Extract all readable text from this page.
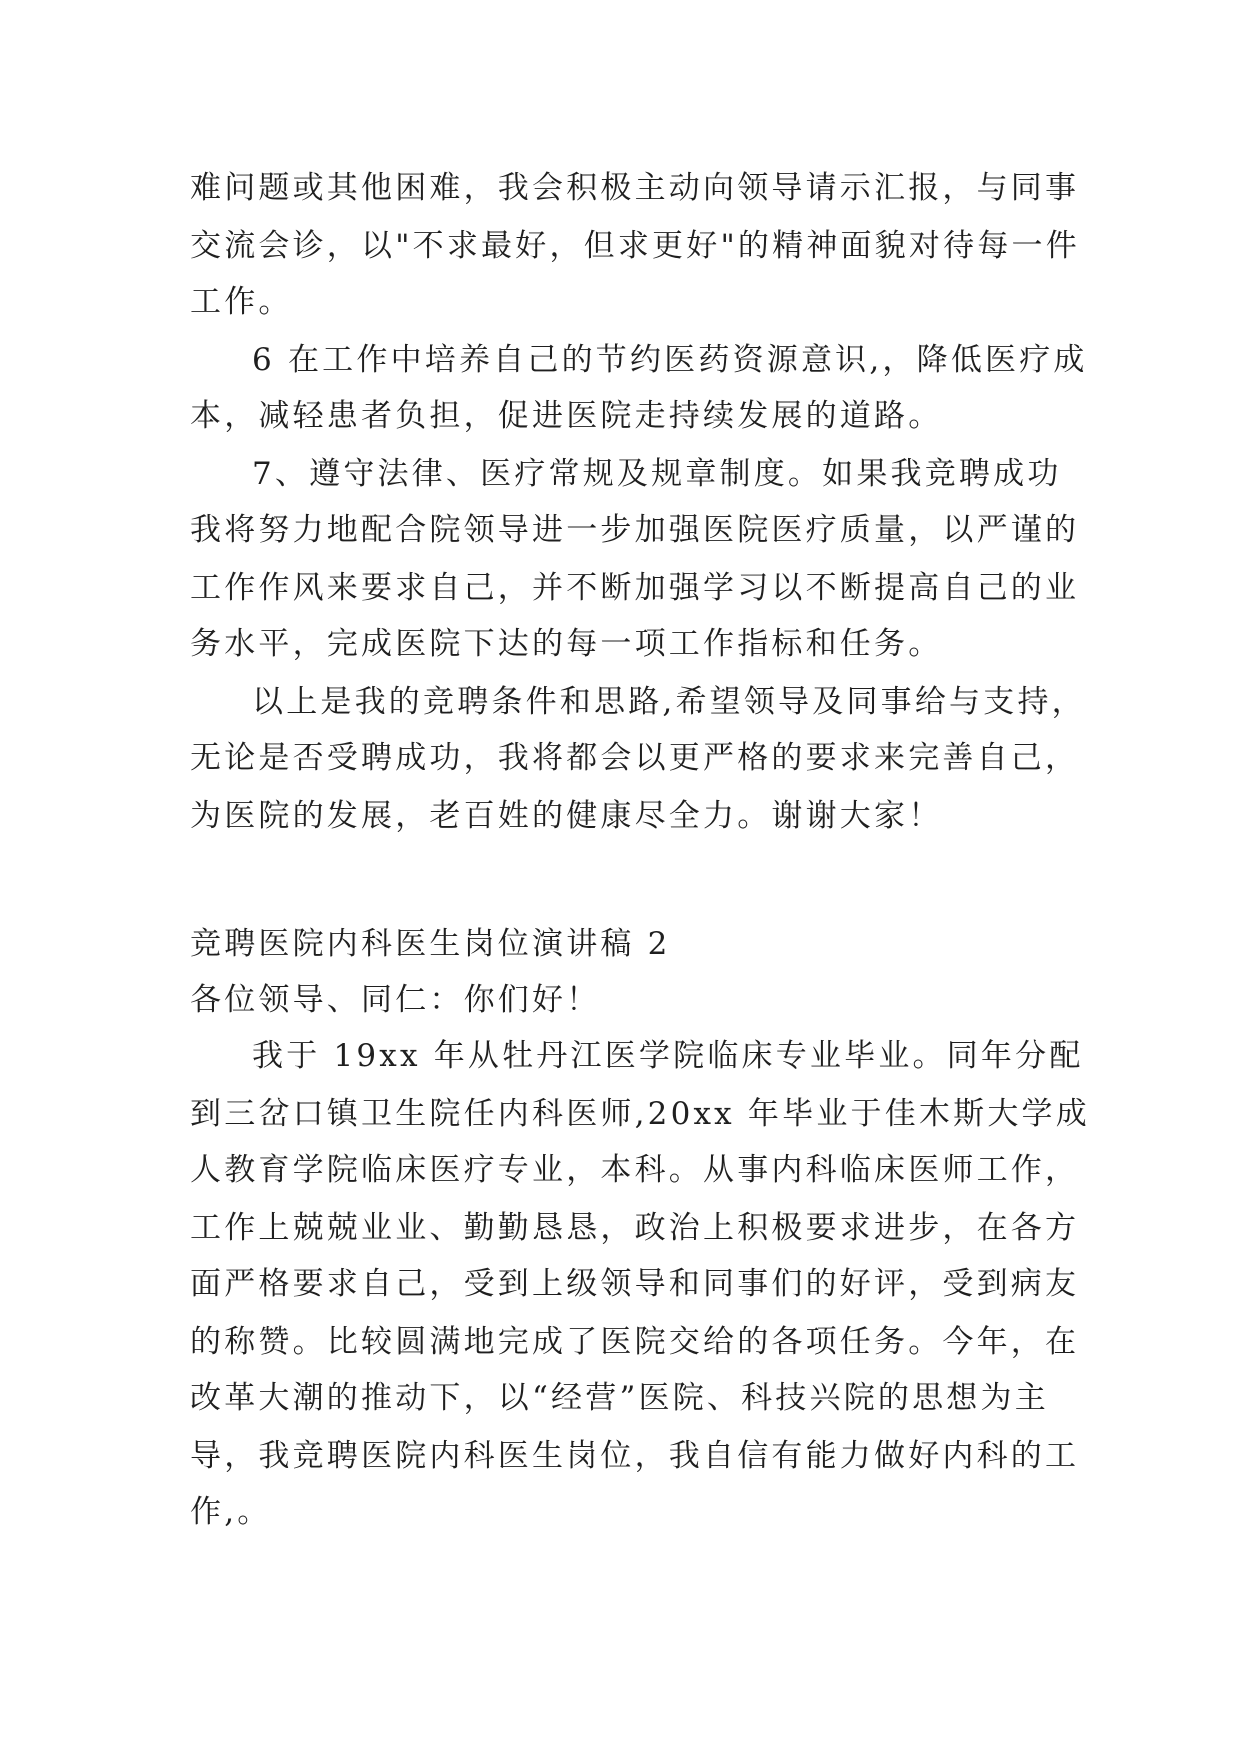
难问题或其他困难，我会积极主动向领导请示汇报，与同事
交流会诊，以"不求最好，但求更好"的精神面貌对待每一件
工作。
6 在工作中培养自己的节约医药资源意识,，降低医疗成
本，减轻患者负担，促进医院走持续发展的道路。
7、遵守法律、医疗常规及规章制度。如果我竞聘成功
我将努力地配合院领导进一步加强医院医疗质量，以严谨的
工作作风来要求自己，并不断加强学习以不断提高自己的业
务水平，完成医院下达的每一项工作指标和任务。
以上是我的竞聘条件和思路,希望领导及同事给与支持，
无论是否受聘成功，我将都会以更严格的要求来完善自己，
为医院的发展，老百姓的健康尽全力。谢谢大家！
竞聘医院内科医生岗位演讲稿 2
各位领导、同仁：你们好！
我于 19xx 年从牡丹江医学院临床专业毕业。同年分配
到三岔口镇卫生院任内科医师,20xx 年毕业于佳木斯大学成
人教育学院临床医疗专业，本科。从事内科临床医师工作，
工作上兢兢业业、勤勤恳恳，政治上积极要求进步，在各方
面严格要求自己，受到上级领导和同事们的好评，受到病友
的称赞。比较圆满地完成了医院交给的各项任务。今年，在
改革大潮的推动下，以“经营”医院、科技兴院的思想为主
导，我竞聘医院内科医生岗位，我自信有能力做好内科的工
作,。
